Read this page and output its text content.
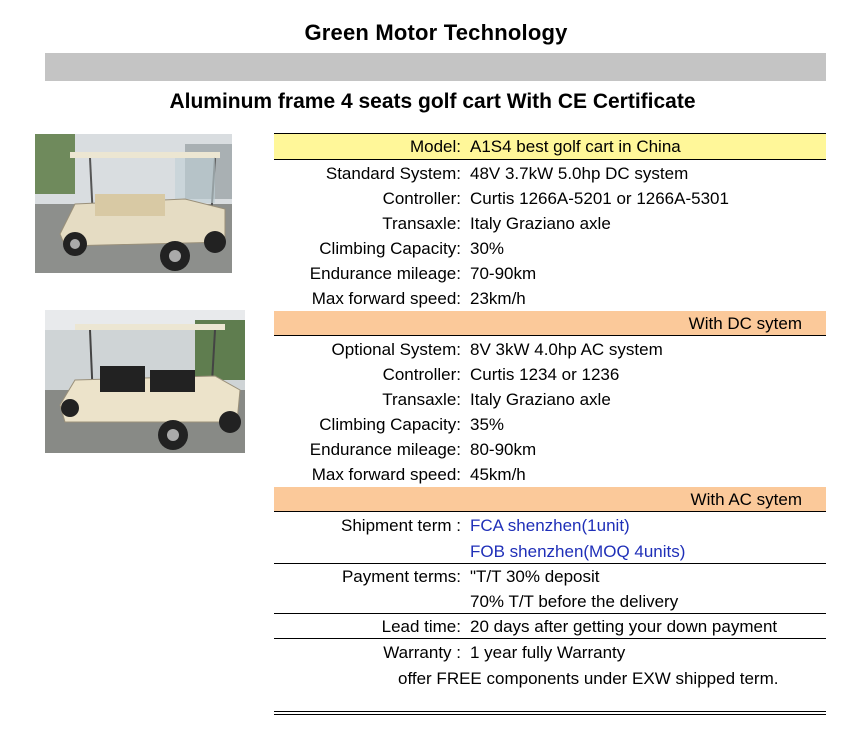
Green Motor Technology
Aluminum frame 4 seats golf cart With CE Certificate
Model: A1S4 best golf cart in China
Standard System: 48V 3.7kW 5.0hp DC system
Controller: Curtis 1266A-5201 or 1266A-5301
Transaxle: Italy Graziano axle
Climbing Capacity: 30%
Endurance mileage: 70-90km
Max forward speed: 23km/h
With DC sytem
Optional System: 8V 3kW 4.0hp AC system
Controller: Curtis 1234 or 1236
Transaxle: Italy Graziano axle
Climbing Capacity: 35%
Endurance mileage: 80-90km
Max forward speed: 45km/h
With AC sytem
Shipment term : FCA shenzhen(1unit)
FOB shenzhen(MOQ 4units)
Payment terms: "T/T 30% deposit
70% T/T before the delivery
Lead time: 20 days after getting your down payment
Warranty : 1 year fully Warranty
offer FREE components under EXW shipped term.
